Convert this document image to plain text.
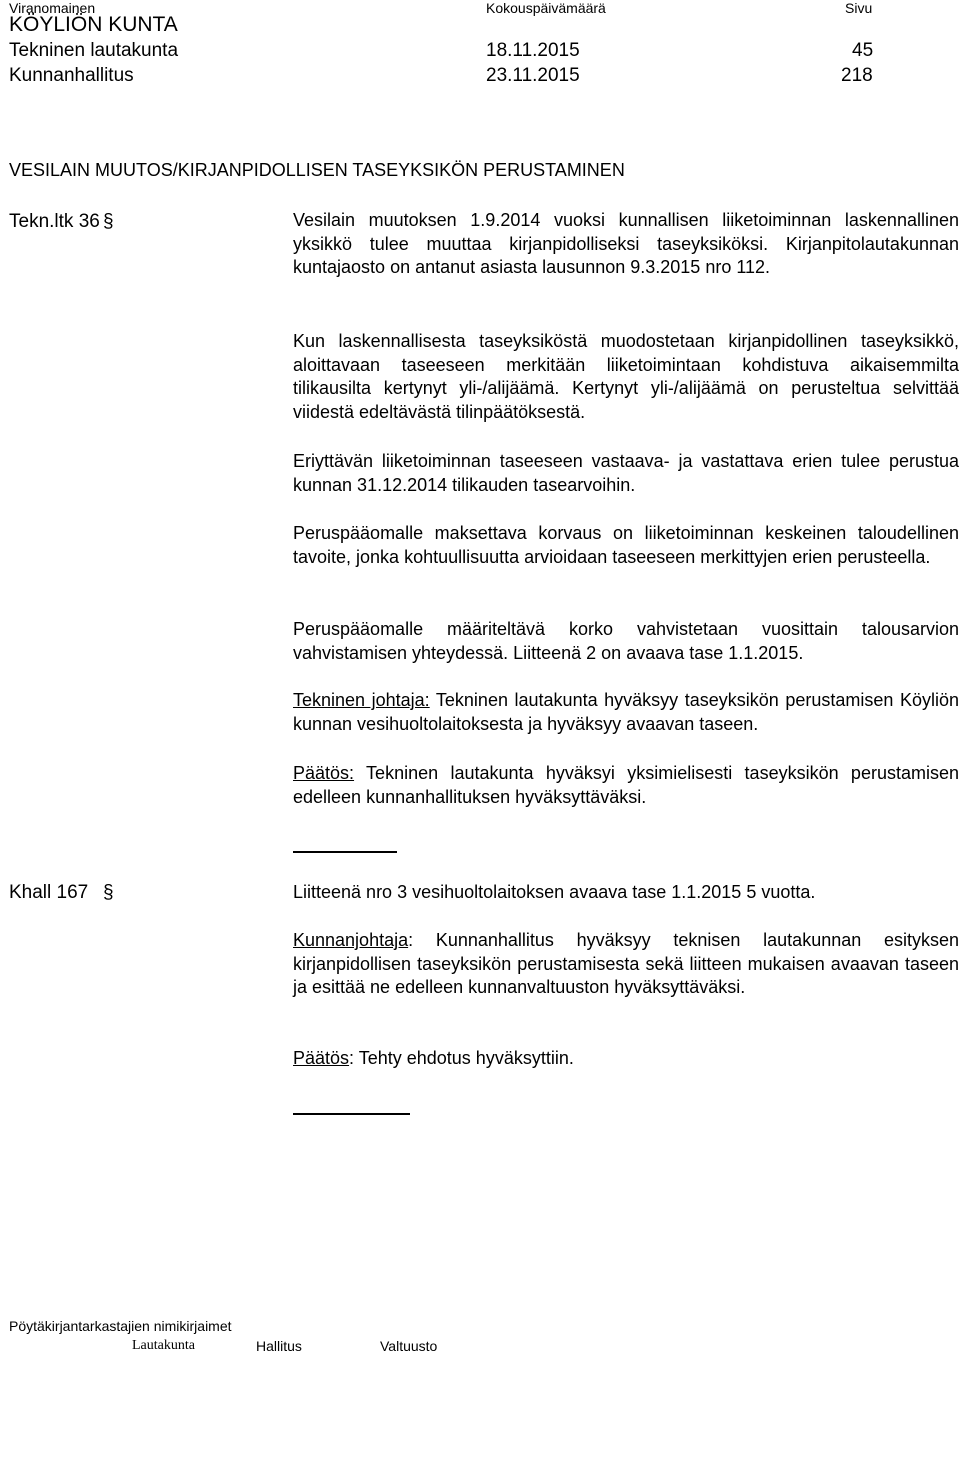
Viranomainen	Kokouspäivämäärä	Sivu
KÖYLIÖN KUNTA
Tekninen lautakunta	18.11.2015	45
Kunnanhallitus	23.11.2015	218
VESILAIN MUUTOS/KIRJANPIDOLLISEN TASEYKSIKÖN PERUSTAMINEN
Tekn.ltk 36 §	Vesilain muutoksen 1.9.2014 vuoksi kunnallisen liiketoiminnan laskennallinen yksikkö tulee muuttaa kirjanpidolliseksi taseyksiköksi. Kirjanpitolautakunnan kuntajaosto on antanut asiasta lausunnon 9.3.2015 nro 112.
Kun laskennallisesta taseyksiköstä muodostetaan kirjanpidollinen taseyksikkö, aloittavaan taseeseen merkitään liiketoimintaan kohdistuva aikaisemmilta tilikausilta kertynyt yli-/alijäämä. Kertynyt yli-/alijäämä on perusteltua selvittää viidestä edeltävästä tilinpäätöksestä.
Eriyttävän liiketoiminnan taseeseen vastaava- ja vastattava erien tulee perustua kunnan 31.12.2014 tilikauden tasearvoihin.
Peruspääomalle maksettava korvaus on liiketoiminnan keskeinen taloudellinen tavoite, jonka kohtuullisuutta arvioidaan taseeseen merkittyjen erien perusteella.
Peruspääomalle määriteltävä korko vahvistetaan vuosittain talousarvion vahvistamisen yhteydessä. Liitteenä 2 on avaava tase 1.1.2015.
Tekninen johtaja: Tekninen lautakunta hyväksyy taseyksikön perustamisen Köyliön kunnan vesihuoltolaitoksesta ja hyväksyy avaavan taseen.
Päätös: Tekninen lautakunta hyväksyi yksimielisesti taseyksikön perustamisen edelleen kunnanhallituksen hyväksyttäväksi.
Khall 167 §	Liitteenä nro 3 vesihuoltolaitoksen avaava tase 1.1.2015 5 vuotta.
Kunnanjohtaja: Kunnanhallitus hyväksyy teknisen lautakunnan esityksen kirjanpidollisen taseyksikön perustamisesta sekä liitteen mukaisen avaavan taseen ja esittää ne edelleen kunnanvaltuuston hyväksyttäväksi.
Päätös: Tehty ehdotus hyväksyttiin.
Pöytäkirjantarkastajien nimikirjaimet
Lautakunta	Hallitus	Valtuusto
